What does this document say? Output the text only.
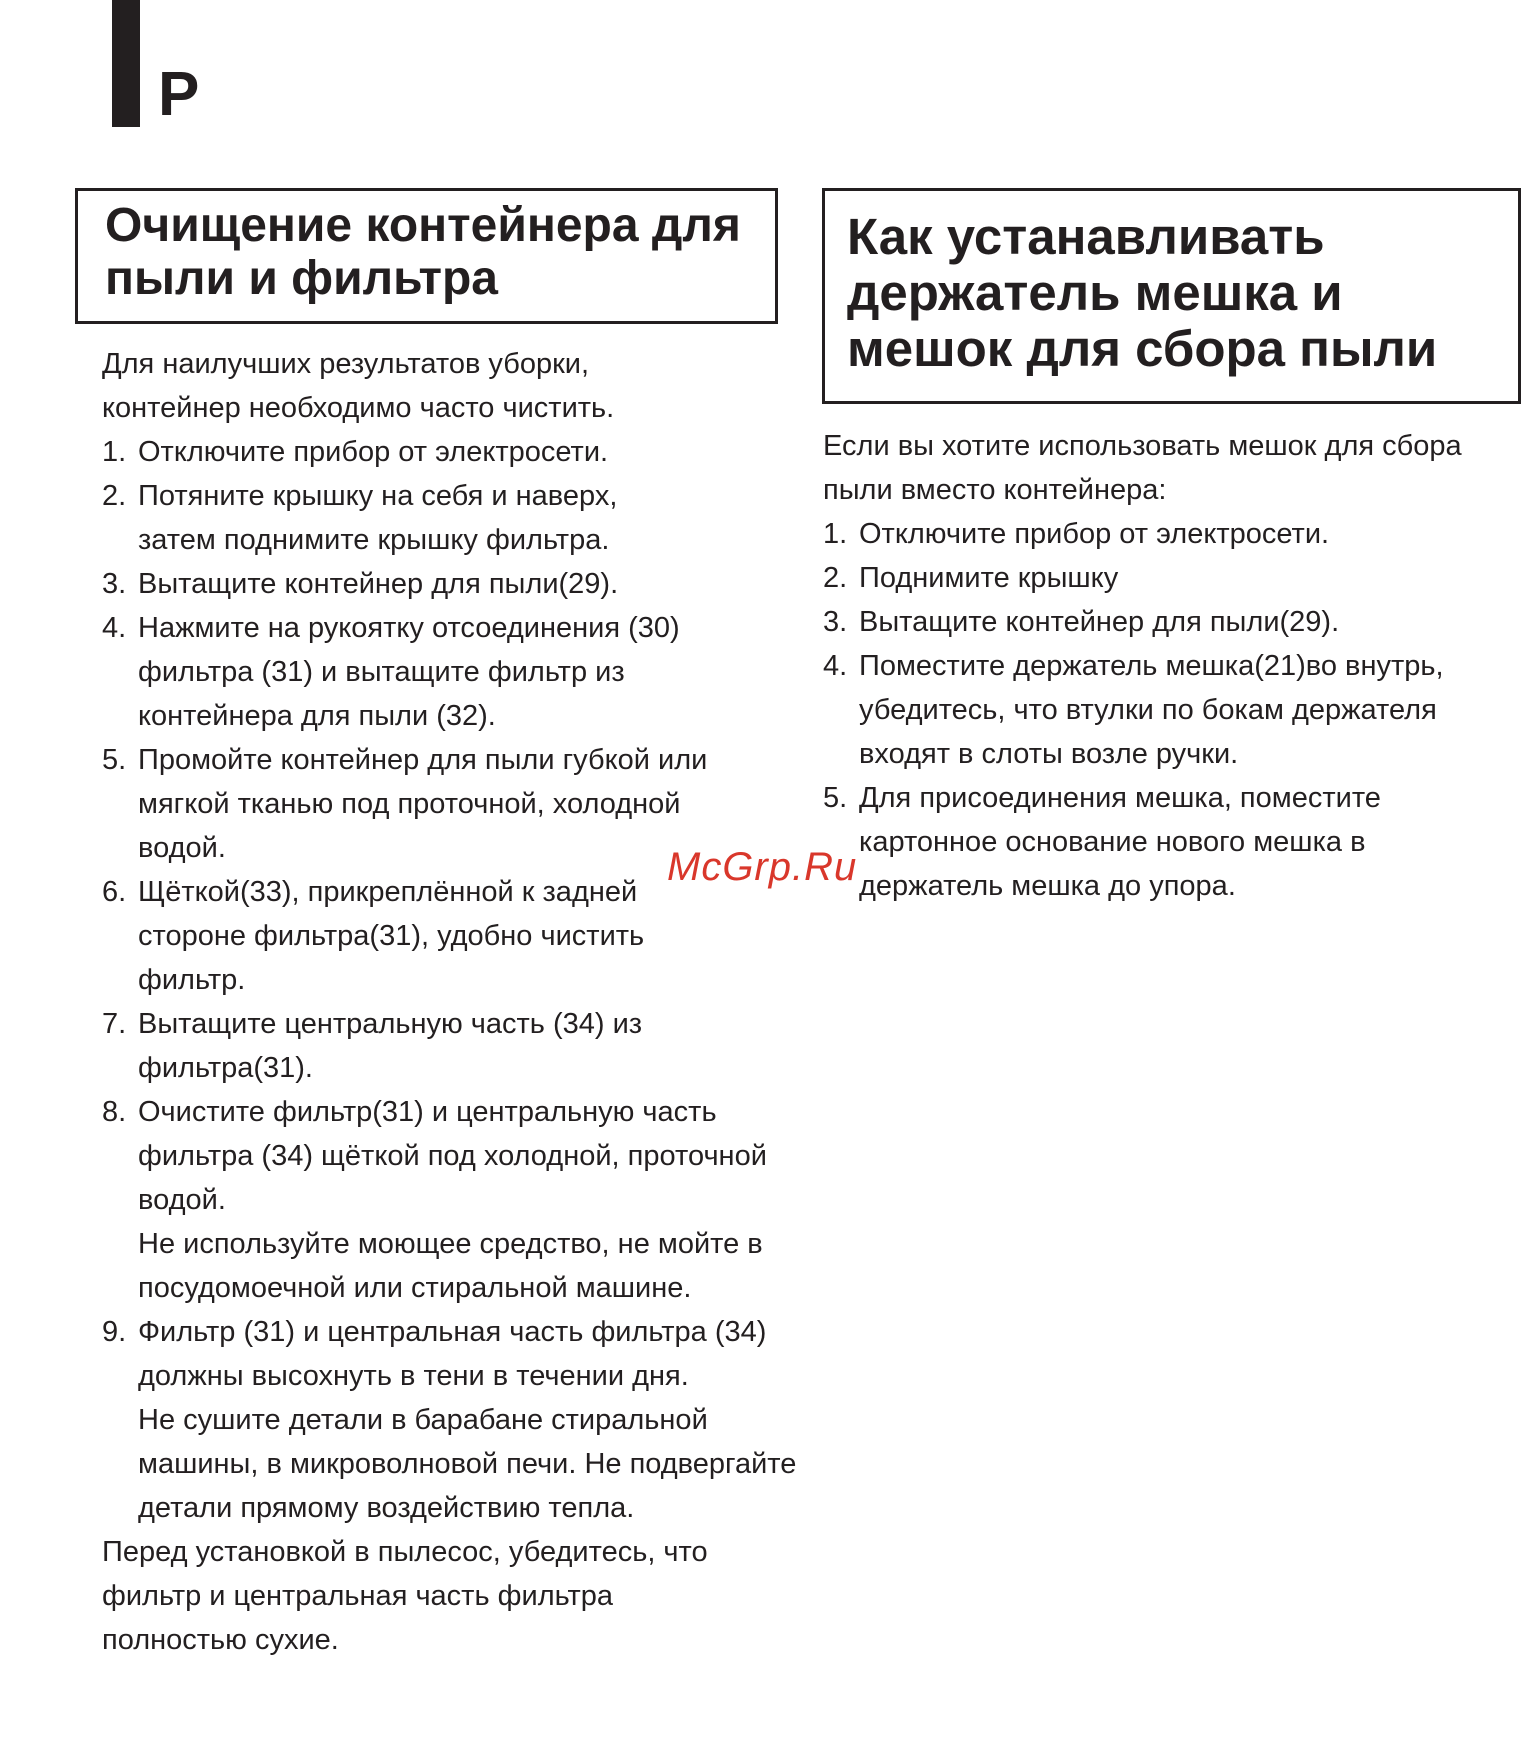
P
Очищение контейнера для пыли и фильтра
Как устанавливать держатель мешка и мешок для сбора пыли

Для наилучших результатов уборки, контейнер необходимо часто чистить.

1. Отключите прибор от электросети.
2. Потяните крышку на себя и наверх, затем поднимите крышку фильтра.
3. Вытащите контейнер для пыли(29).
4. Нажмите на рукоятку отсоединения (30) фильтра (31) и вытащите фильтр из контейнера для пыли (32).
5. Промойте контейнер для пыли губкой или мягкой тканью под проточной, холодной водой.
6. Щёткой(33), прикреплённой к задней стороне фильтра(31), удобно чистить фильтр.
7. Вытащите центральную часть (34) из фильтра(31).
8. Очистите фильтр(31) и центральную часть фильтра (34) щёткой под холодной, проточной водой.
Не используйте моющее средство, не мойте в посудомоечной или стиральной машине.
9. Фильтр (31) и центральная часть фильтра (34) должны высохнуть в тени в течении дня.
Не сушите детали в барабане стиральной машины, в микроволновой печи. Не подвергайте детали прямому воздействию тепла.

Перед установкой в пылесос, убедитесь, что фильтр и центральная часть фильтра полностью сухие.

Если вы хотите использовать мешок для сбора пыли вместо контейнера:

1. Отключите прибор от электросети.
2. Поднимите крышку
3. Вытащите контейнер для пыли(29).
4. Поместите держатель мешка(21)во внутрь, убедитесь, что втулки по бокам держателя входят в слоты возле ручки.
5. Для присоединения мешка, поместите картонное основание нового мешка в держатель мешка до упора.
McGrp.Ru
